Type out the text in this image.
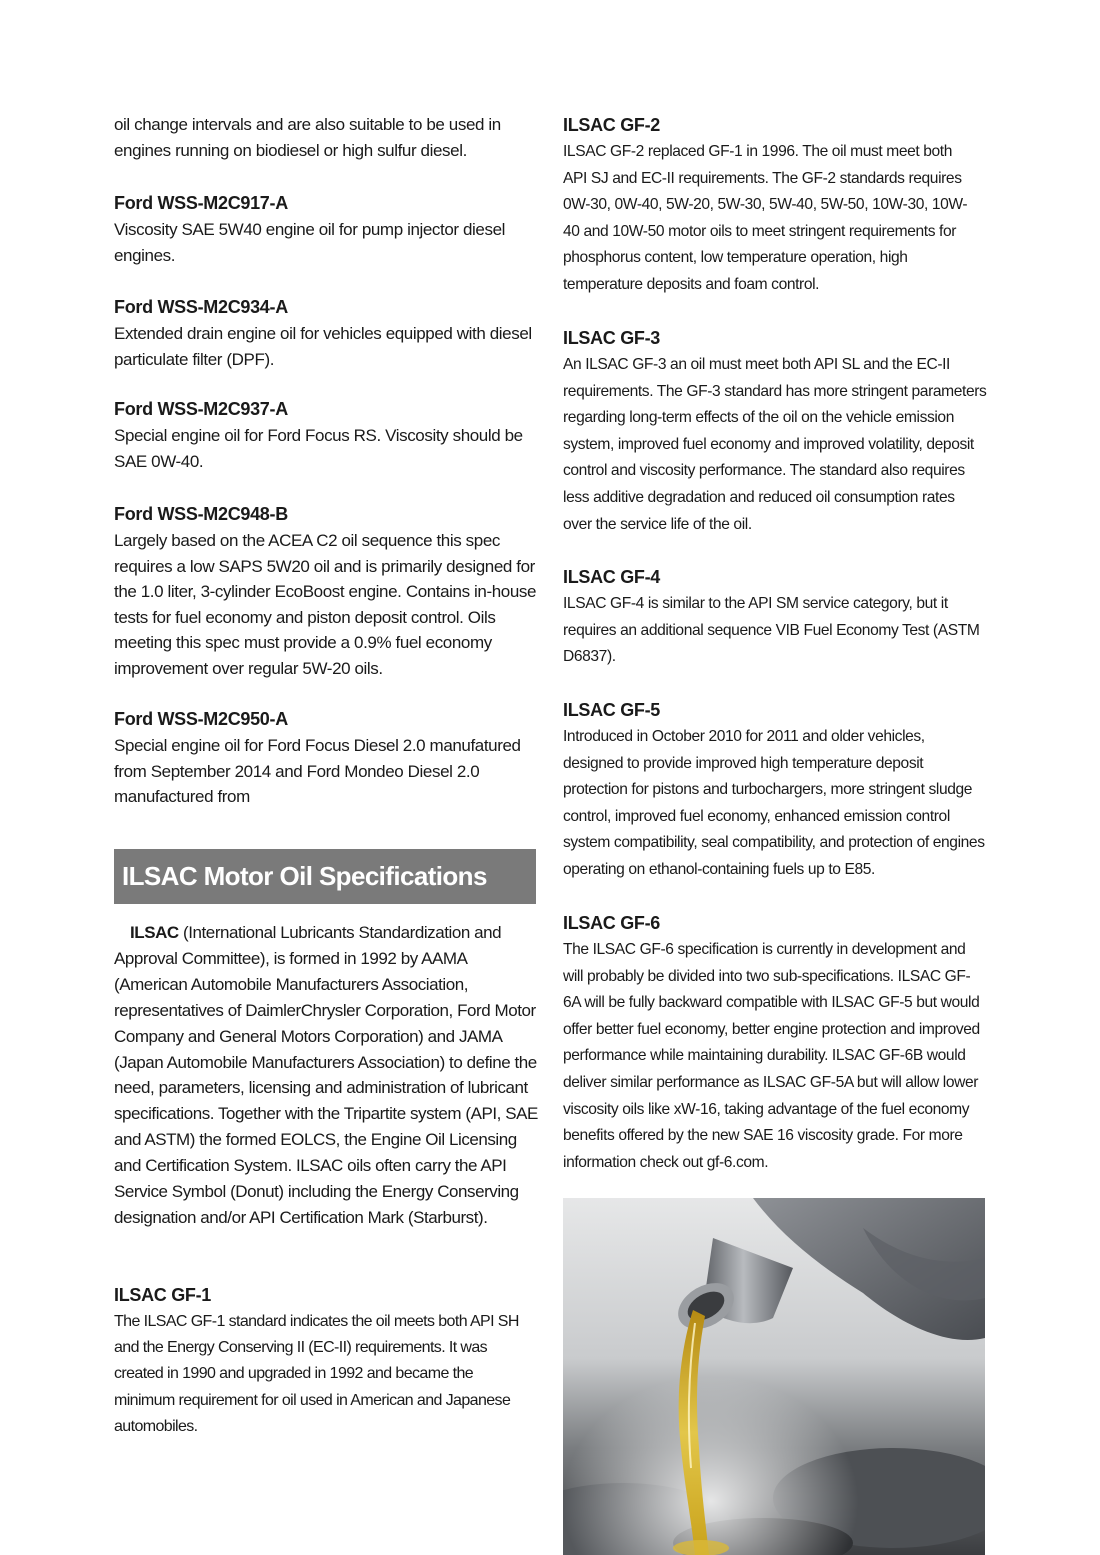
oil change intervals and are also suitable to be used in engines running on biodiesel or high sulfur diesel.

Ford WSS-M2C917-A

Viscosity SAE 5W40 engine oil for pump injector diesel engines.

Ford WSS-M2C934-A

Extended drain engine oil for vehicles equipped with diesel particulate filter (DPF).

Ford WSS-M2C937-A

Special engine oil for Ford Focus RS. Viscosity should be SAE 0W-40.

Ford WSS-M2C948-B

Largely based on the ACEA C2 oil sequence this spec requires a low SAPS 5W20 oil and is primarily designed for the 1.0 liter, 3-cylinder EcoBoost engine. Contains in-house tests for fuel economy and piston deposit control. Oils meeting this spec must provide a 0.9% fuel economy improvement over regular 5W-20 oils.

Ford WSS-M2C950-A

Special engine oil for Ford Focus Diesel 2.0 manufatured from September 2014 and Ford Mondeo Diesel 2.0 manufactured from

ILSAC Motor Oil Specifications

ILSAC (International Lubricants Standardization and Approval Committee), is formed in 1992 by AAMA (American Automobile Manufacturers Association, representatives of DaimlerChrysler Corporation, Ford Motor Company and General Motors Corporation) and JAMA (Japan Automobile Manufacturers Association) to define the need, parameters, licensing and administration of lubricant specifications. Together with the Tripartite system (API, SAE and ASTM) the formed EOLCS, the Engine Oil Licensing and Certification System. ILSAC oils often carry the API Service Symbol (Donut) including the Energy Conserving designation and/or API Certification Mark (Starburst).

ILSAC GF-1

The ILSAC GF-1 standard indicates the oil meets both API SH and the Energy Conserving II (EC-II) requirements. It was created in 1990 and upgraded in 1992 and became the minimum requirement for oil used in American and Japanese automobiles.

ILSAC GF-2

ILSAC GF-2 replaced GF-1 in 1996. The oil must meet both API SJ and EC-II requirements. The GF-2 standards requires 0W-30, 0W-40, 5W-20, 5W-30, 5W-40, 5W-50, 10W-30, 10W-40 and 10W-50 motor oils to meet stringent requirements for phosphorus content, low temperature operation, high temperature deposits and foam control.

ILSAC GF-3

An ILSAC GF-3 an oil must meet both API SL and the EC-II requirements. The GF-3 standard has more stringent parameters regarding long-term effects of the oil on the vehicle emission system, improved fuel economy and improved volatility, deposit control and viscosity performance. The standard also requires less additive degradation and reduced oil consumption rates over the service life of the oil.

ILSAC GF-4

ILSAC GF-4 is similar to the API SM service category, but it requires an additional sequence VIB Fuel Economy Test (ASTM D6837).

ILSAC GF-5

Introduced in October 2010 for 2011 and older vehicles, designed to provide improved high temperature deposit protection for pistons and turbochargers, more stringent sludge control, improved fuel economy, enhanced emission control system compatibility, seal compatibility, and protection of engines operating on ethanol-containing fuels up to E85.

ILSAC GF-6

The ILSAC GF-6 specification is currently in development and will probably be divided into two sub-specifications. ILSAC GF-6A will be fully backward compatible with ILSAC GF-5 but would offer better fuel economy, better engine protection and improved performance while maintaining durability. ILSAC GF-6B would deliver similar performance as ILSAC GF-5A but will allow lower viscosity oils like xW-16, taking advantage of the fuel economy benefits offered by the new SAE 16 viscosity grade. For more information check out gf-6.com.
